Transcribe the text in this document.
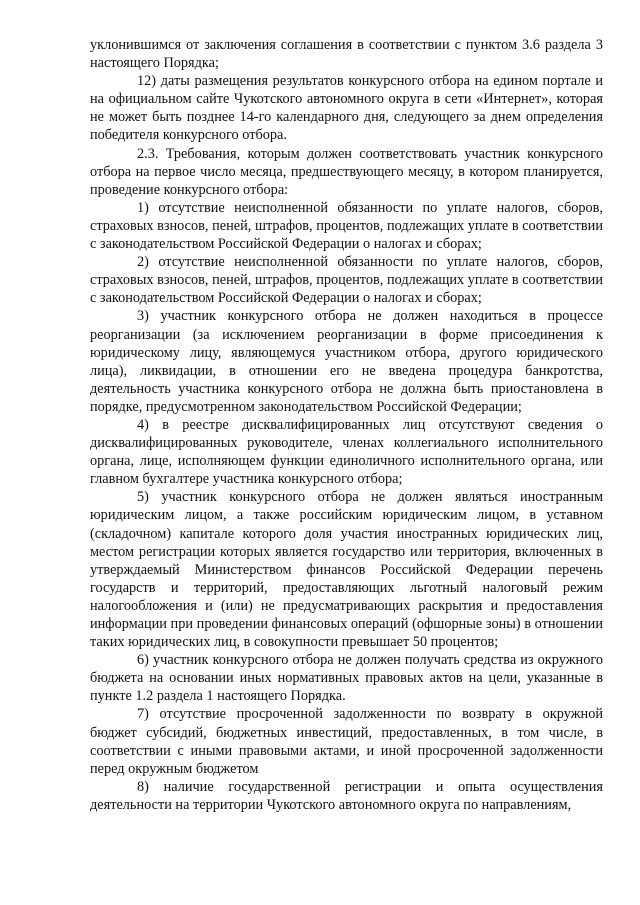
уклонившимся от заключения соглашения в соответствии с пунктом 3.6 раздела 3 настоящего Порядка;

12) даты размещения результатов конкурсного отбора на едином портале и на официальном сайте Чукотского автономного округа в сети «Интернет», которая не может быть позднее 14-го календарного дня, следующего за днем определения победителя конкурсного отбора.

2.3. Требования, которым должен соответствовать участник конкурсного отбора на первое число месяца, предшествующего месяцу, в котором планируется, проведение конкурсного отбора:

1) отсутствие неисполненной обязанности по уплате налогов, сборов, страховых взносов, пеней, штрафов, процентов, подлежащих уплате в соответствии с законодательством Российской Федерации о налогах и сборах;

2) отсутствие неисполненной обязанности по уплате налогов, сборов, страховых взносов, пеней, штрафов, процентов, подлежащих уплате в соответствии с законодательством Российской Федерации о налогах и сборах;

3) участник конкурсного отбора не должен находиться в процессе реорганизации (за исключением реорганизации в форме присоединения к юридическому лицу, являющемуся участником отбора, другого юридического лица), ликвидации, в отношении его не введена процедура банкротства, деятельность участника конкурсного отбора не должна быть приостановлена в порядке, предусмотренном законодательством Российской Федерации;

4) в реестре дисквалифицированных лиц отсутствуют сведения о дисквалифицированных руководителе, членах коллегиального исполнительного органа, лице, исполняющем функции единоличного исполнительного органа, или главном бухгалтере участника конкурсного отбора;

5) участник конкурсного отбора не должен являться иностранным юридическим лицом, а также российским юридическим лицом, в уставном (складочном) капитале которого доля участия иностранных юридических лиц, местом регистрации которых является государство или территория, включенных в утверждаемый Министерством финансов Российской Федерации перечень государств и территорий, предоставляющих льготный налоговый режим налогообложения и (или) не предусматривающих раскрытия и предоставления информации при проведении финансовых операций (офшорные зоны) в отношении таких юридических лиц, в совокупности превышает 50 процентов;

6) участник конкурсного отбора не должен получать средства из окружного бюджета на основании иных нормативных правовых актов на цели, указанные в пункте 1.2 раздела 1 настоящего Порядка.

7) отсутствие просроченной задолженности по возврату в окружной бюджет субсидий, бюджетных инвестиций, предоставленных, в том числе, в соответствии с иными правовыми актами, и иной просроченной задолженности перед окружным бюджетом

8) наличие государственной регистрации и опыта осуществления деятельности на территории Чукотского автономного округа по направлениям,
